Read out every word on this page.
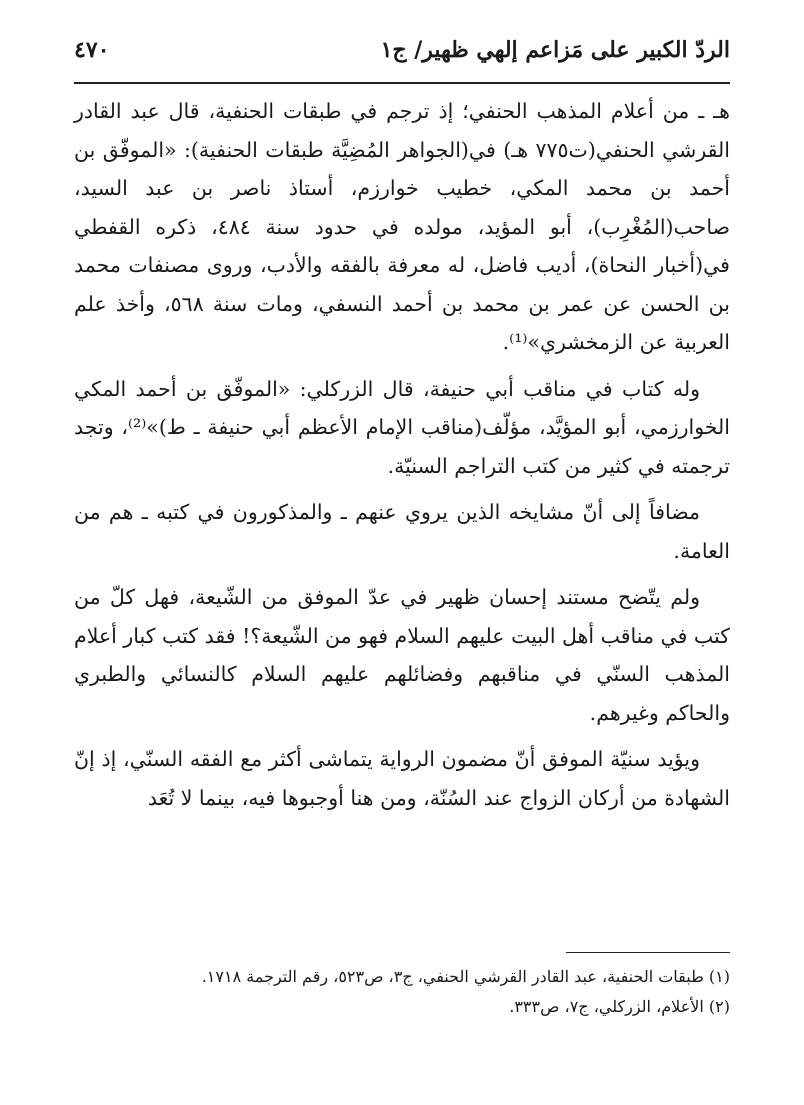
الردّ الكبير على مَزاعم إلهي ظهير/ ج١
٤٧٠

هـ ـ من أعلام المذهب الحنفي؛ إذ ترجم في طبقات الحنفية، قال عبد القادر القرشي الحنفي(ت٧٧٥ هـ) في(الجواهر المُضِيَّة طبقات الحنفية): «الموفّق بن أحمد بن محمد المكي، خطيب خوارزم، أستاذ ناصر بن عبد السيد، صاحب(المُغْرِب)، أبو المؤيد، مولده في حدود سنة ٤٨٤، ذكره القفطي في(أخبار النحاة)، أديب فاضل، له معرفة بالفقه والأدب، وروى مصنفات محمد بن الحسن عن عمر بن محمد بن أحمد النسفي، ومات سنة ٥٦٨، وأخذ علم العربية عن الزمخشري»⁽¹⁾.

وله كتاب في مناقب أبي حنيفة، قال الزركلي: «الموفّق بن أحمد المكي الخوارزمي، أبو المؤيَّد، مؤلّف(مناقب الإمام الأعظم أبي حنيفة ـ ط)»⁽²⁾، وتجد ترجمته في كثير من كتب التراجم السنيّة.

مضافاً إلى أنّ مشايخه الذين يروي عنهم ـ والمذكورون في كتبه ـ هم من العامة.

ولم يتّضح مستند إحسان ظهير في عدّ الموفق من الشّيعة، فهل كلّ من كتب في مناقب أهل البيت عليهم السلام فهو من الشّيعة؟! فقد كتب كبار أعلام المذهب السنّي في مناقبهم وفضائلهم عليهم السلام كالنسائي والطبري والحاكم وغيرهم.

ويؤيد سنيّة الموفق أنّ مضمون الرواية يتماشى أكثر مع الفقه السنّي، إذ إنّ الشهادة من أركان الزواج عند السُنّة، ومن هنا أوجبوها فيه، بينما لا تُعَد

(١) طبقات الحنفية، عبد القادر القرشي الحنفي، ج٣، ص٥٢٣، رقم الترجمة ١٧١٨.
(٢) الأعلام، الزركلي، ج٧، ص٣٣٣.
